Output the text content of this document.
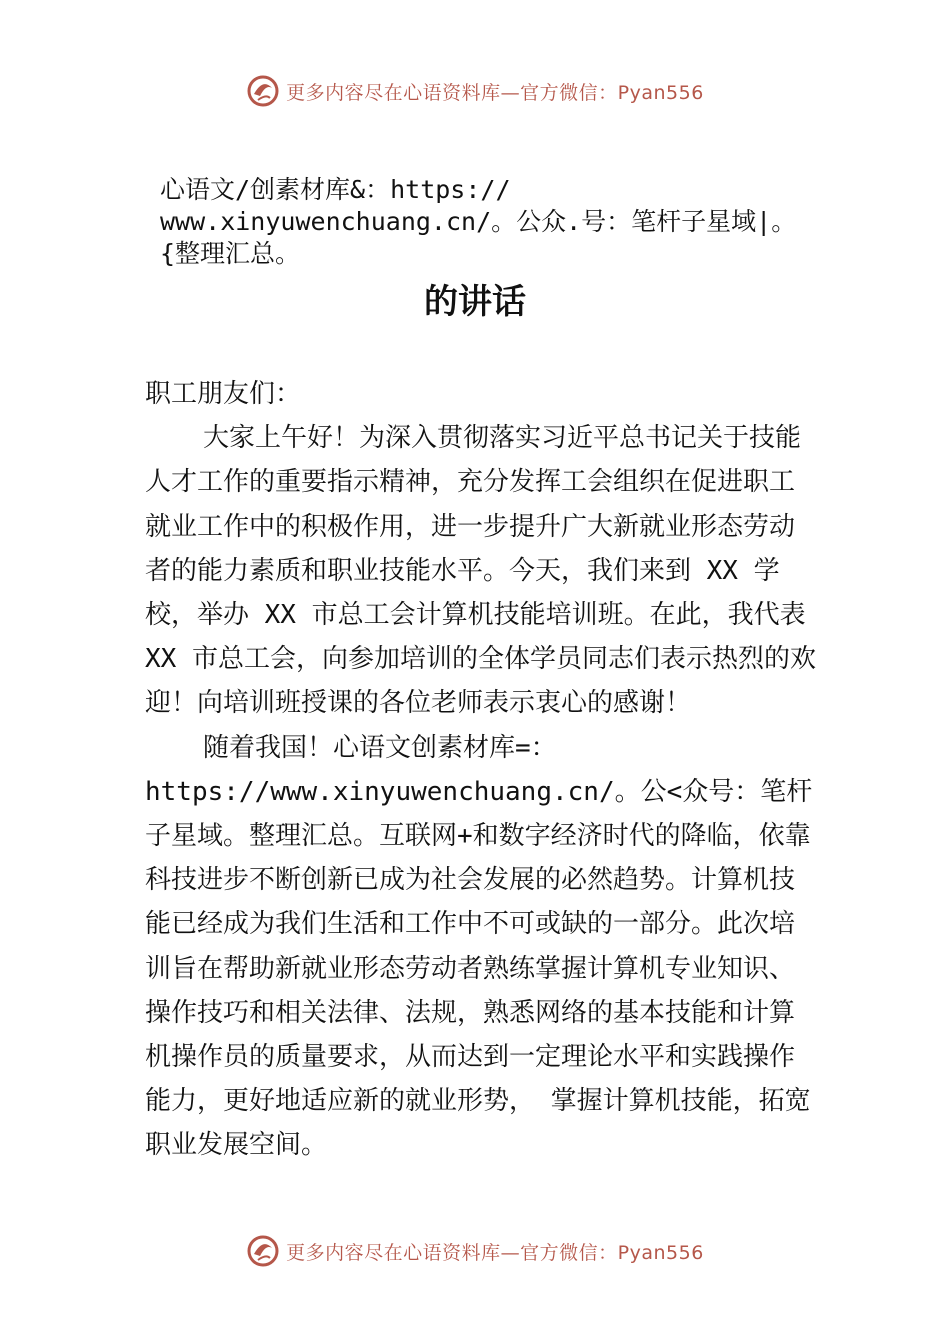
更多内容尽在心语资料库—官方微信：Pyan556
心语文/创素材库&：https://
www.xinyuwenchuang.cn/。公众.号：笔杆子星域|。
{整理汇总。
的讲话

职工朋友们：

大家上午好！为深入贯彻落实习近平总书记关于技能人才工作的重要指示精神，充分发挥工会组织在促进职工就业工作中的积极作用，进一步提升广大新就业形态劳动者的能力素质和职业技能水平。今天，我们来到 XX 学校，举办 XX 市总工会计算机技能培训班。在此，我代表 XX 市总工会，向参加培训的全体学员同志们表示热烈的欢迎！向培训班授课的各位老师表示衷心的感谢！

随着我国！心语文创素材库=：https://www.xinyuwenchuang.cn/。公<众号：笔杆子星域。整理汇总。互联网+和数字经济时代的降临，依靠科技进步不断创新已成为社会发展的必然趋势。计算机技能已经成为我们生活和工作中不可或缺的一部分。此次培训旨在帮助新就业形态劳动者熟练掌握计算机专业知识、操作技巧和相关法律、法规，熟悉网络的基本技能和计算机操作员的质量要求，从而达到一定理论水平和实践操作能力，更好地适应新的就业形势， 掌握计算机技能，拓宽职业发展空间。

更多内容尽在心语资料库—官方微信：Pyan556
